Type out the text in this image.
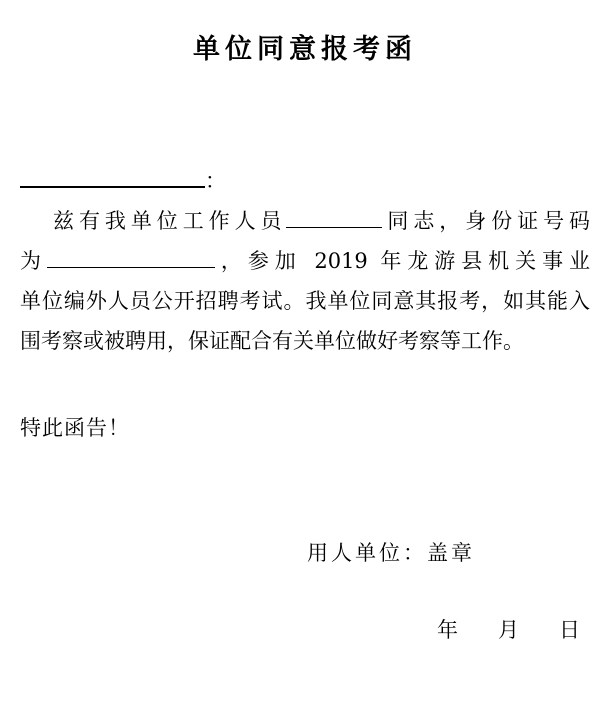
单位同意报考函
：
兹有我单位工作人员	同志，身份证号码
为	，参加 2019 年龙游县机关事业
单位编外人员公开招聘考试。我单位同意其报考，如其能入
围考察或被聘用，保证配合有关单位做好考察等工作。
特此函告！
用人单位：盖章
年 月 日
